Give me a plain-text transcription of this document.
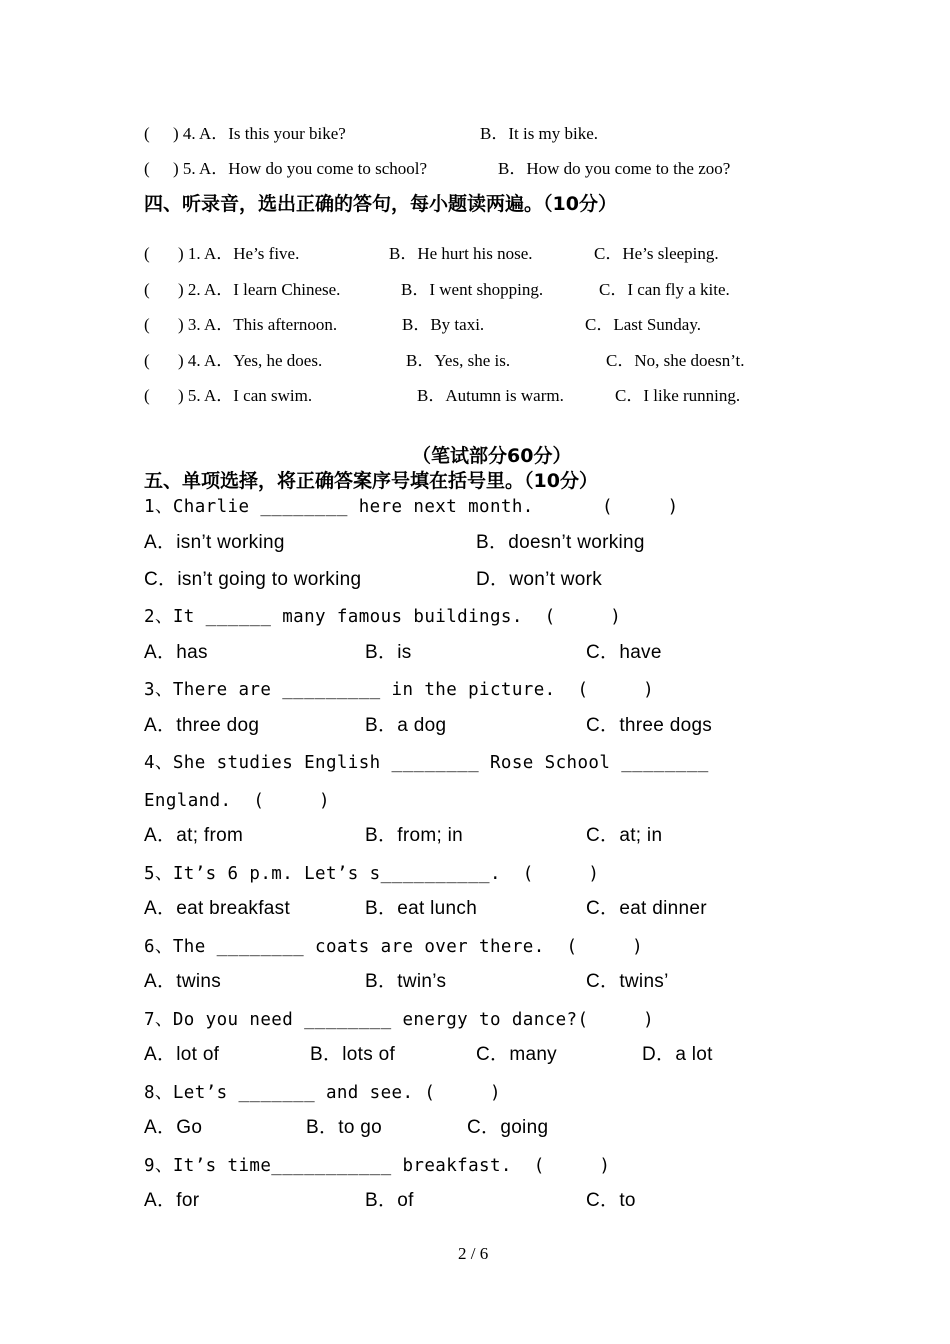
( ) 4. A．Is this your bike?	B．It is my bike.
( ) 5. A．How do you come to school?	B．How do you come to the zoo?
四、听录音，选出正确的答句，每小题读两遍。（10分）
( ) 1. A．He’s five.	B．He hurt his nose.	C．He’s sleeping.
( ) 2. A．I learn Chinese.	B．I went shopping.	C．I can fly a kite.
( ) 3. A．This afternoon.	B．By taxi.	C．Last Sunday.
( ) 4. A．Yes, he does.	B．Yes, she is.	C．No, she doesn’t.
( ) 5. A．I can swim.	B．Autumn is warm.	C．I like running.
（笔试部分60分）
五、单项选择，将正确答案序号填在括号里。（10分）
1、Charlie ________ here next month.	(     )
A．isn’t working	B．doesn’t working
C．isn’t going to working	D．won’t work
2、It ______ many famous buildings.  (     )
A．has	B．is	C．have
3、There are _________ in the picture.  (     )
A．three dog	B．a dog	C．three dogs
4、She studies English ________ Rose School ________
England.  (     )
A．at; from	B．from; in	C．at; in
5、It’s 6 p.m. Let’s s__________.  (     )
A．eat breakfast	B．eat lunch	C．eat dinner
6、The ________ coats are over there.  (     )
A．twins	B．twin’s	C．twins’
7、Do you need ________ energy to dance?(     )
A．lot of	B．lots of	C．many	D．a lot
8、Let’s _______ and see. (     )
A．Go	B．to go	C．going
9、It’s time___________ breakfast.  (     )
A．for	B．of	C．to
2 / 6
